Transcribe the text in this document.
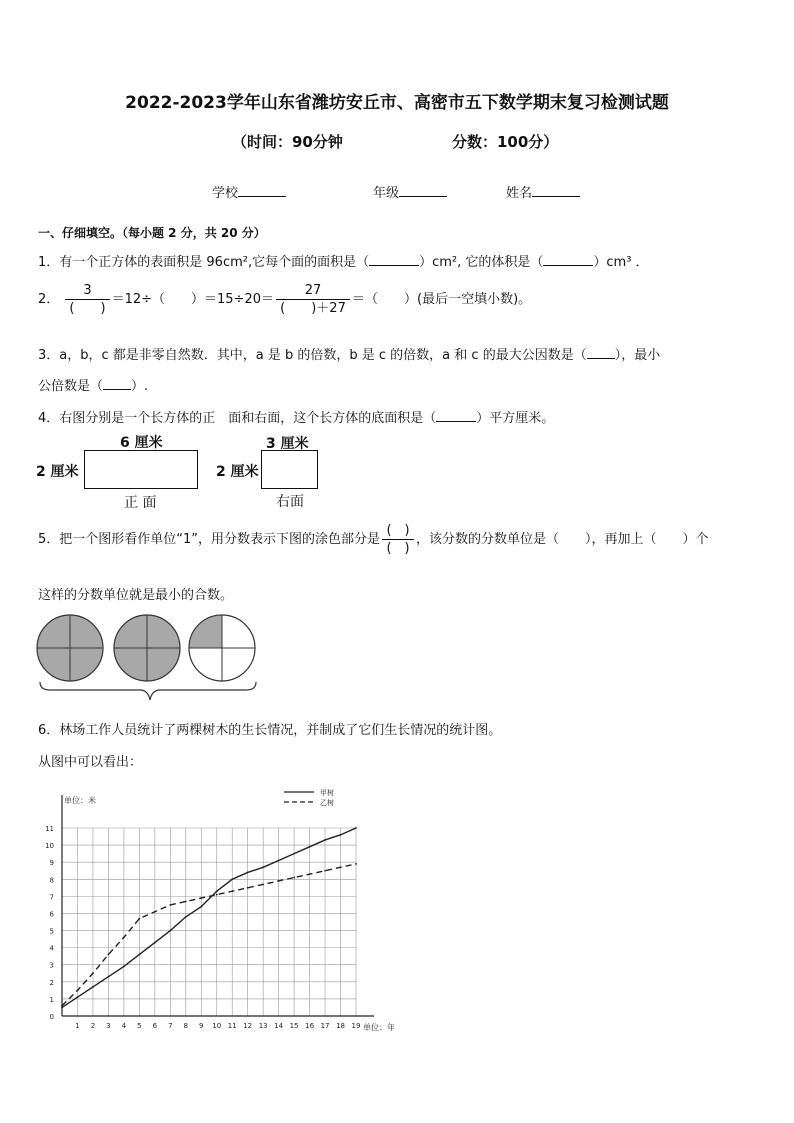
2022-2023学年山东省潍坊安丘市、高密市五下数学期末复习检测试题
（时间：90分钟	分数：100分）
学校	年级	姓名
一、仔细填空。（每小题 2 分，共 20 分）
1．有一个正方体的表面积是 96cm²,它每个面的面积是（	）cm², 它的体积是（	）cm³ ．
2． $\frac{3}{( )} =12\div$（　　）$=15\div 20= \frac{27}{( )+27}$ ＝（　　）(最后一空填小数)。
3．a，b，c 都是非零自然数．其中，a 是 b 的倍数，b 是 c 的倍数，a 和 c 的最大公因数是（ ），最小
公倍数是（ ）.
4．右图分别是一个长方体的正　面和右面，这个长方体的底面积是（	）平方厘米。
6 厘米
2 厘米
正 面
3 厘米
2 厘米
右面
5．把一个图形看作单位“1”，用分数表示下图的涂色部分是 $\frac{( )}{( )}$ ，该分数的分数单位是（　　），再加上（　　）个
这样的分数单位就是最小的合数。
6．林场工作人员统计了两棵树木的生长情况，并制成了它们生长情况的统计图。
从图中可以看出：
0
1
2
3
4
5
6
7
8
9
10
11
1 2 3 4 5 6 7 8 9 10 11 12 13 14 15 16 17 18 19
单位：米
单位：年
甲树
乙树
